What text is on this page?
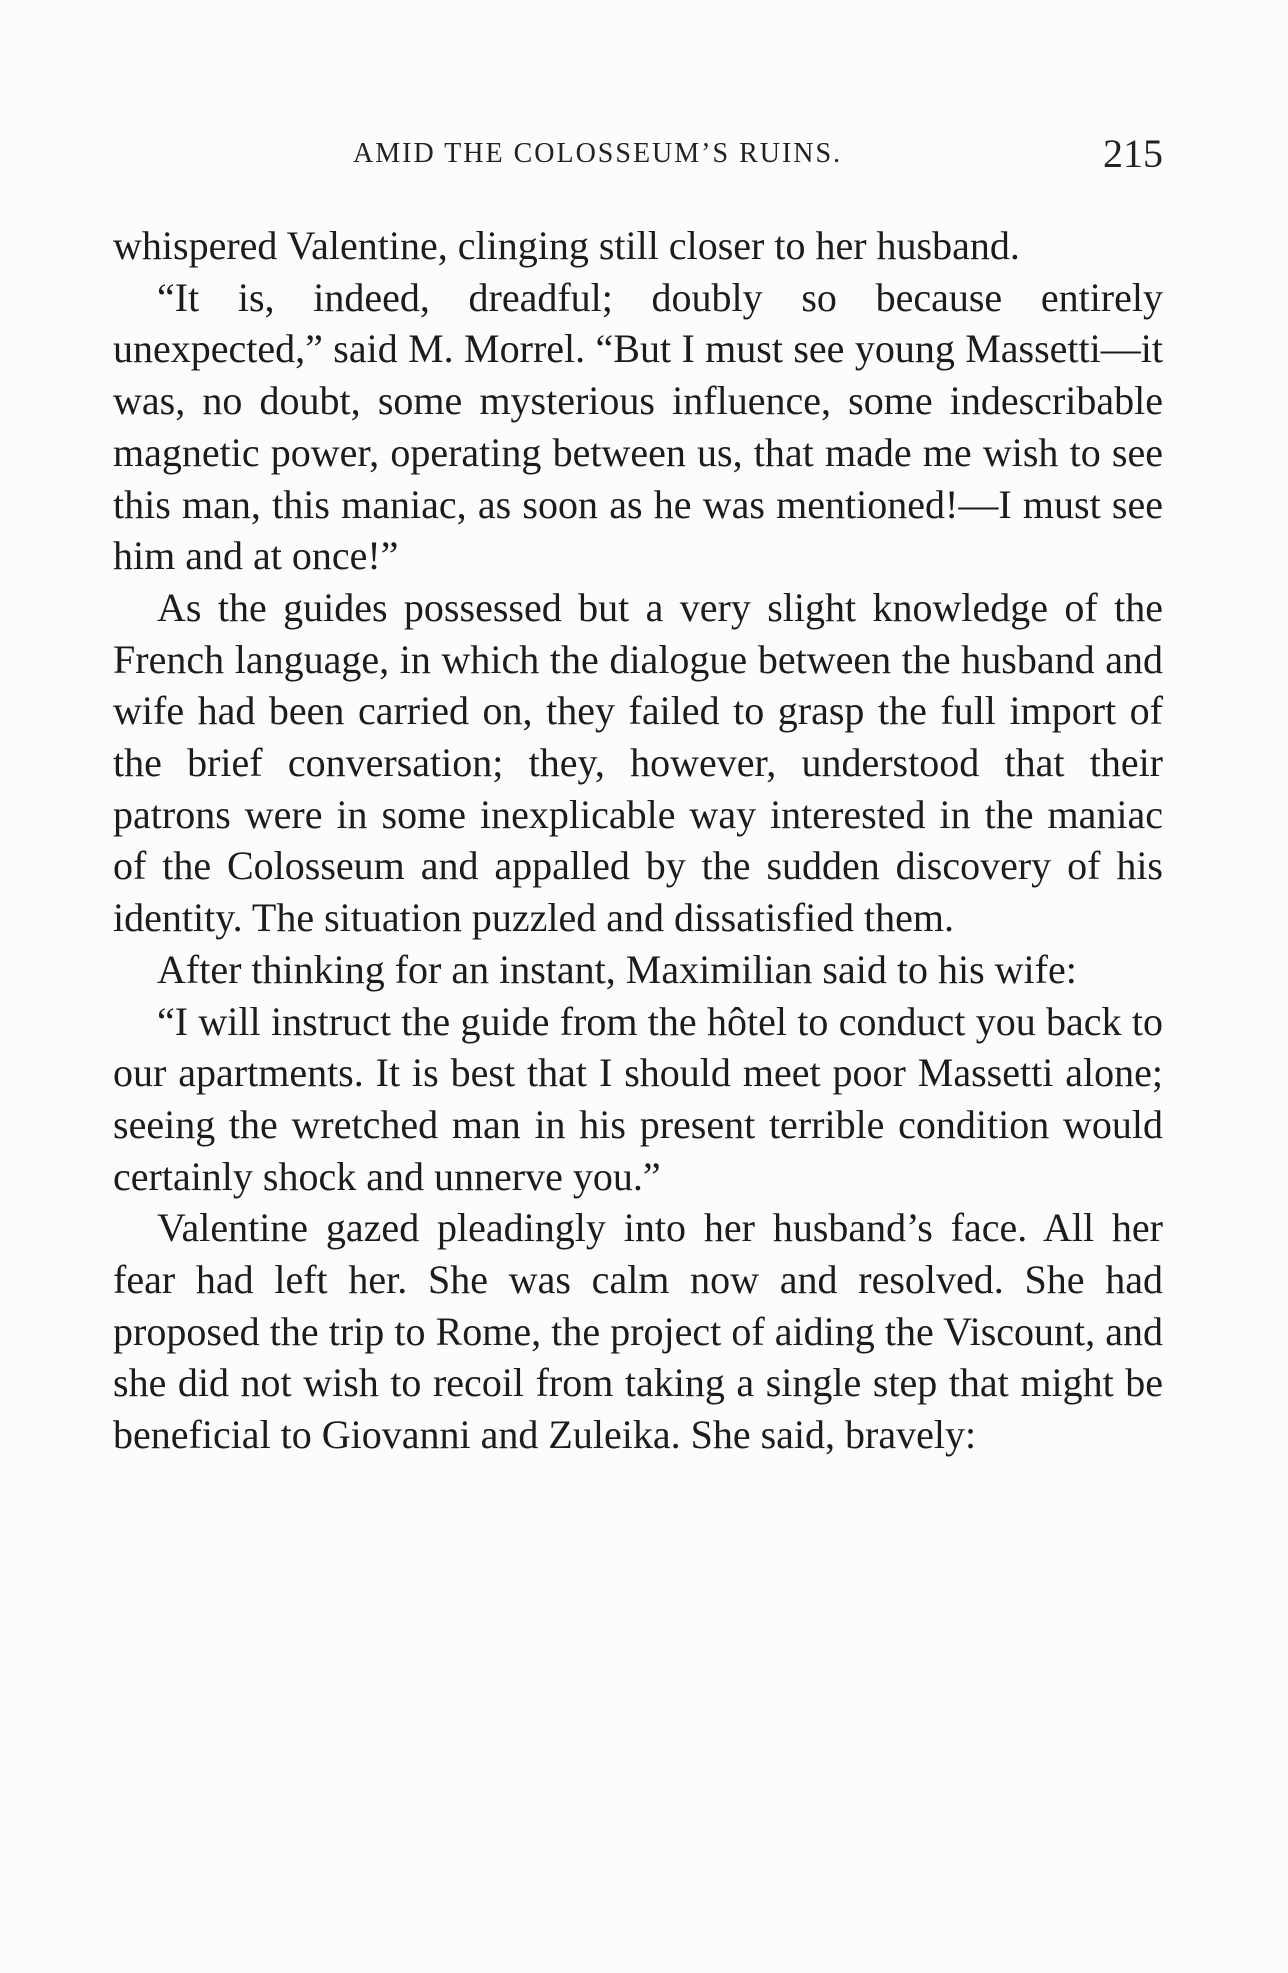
AMID THE COLOSSEUM’S RUINS.	215

whispered Valentine, clinging still closer to her husband.

“It is, indeed, dreadful; doubly so because entirely unexpected,” said M. Morrel. “But I must see young Massetti—it was, no doubt, some mysterious influence, some indescribable magnetic power, operating between us, that made me wish to see this man, this maniac, as soon as he was mentioned!—I must see him and at once!”

As the guides possessed but a very slight knowledge of the French language, in which the dialogue between the husband and wife had been carried on, they failed to grasp the full import of the brief conversation; they, however, understood that their patrons were in some inexplicable way interested in the maniac of the Colosseum and appalled by the sudden discovery of his identity. The situation puzzled and dissatisfied them.

After thinking for an instant, Maximilian said to his wife:

“I will instruct the guide from the hôtel to conduct you back to our apartments. It is best that I should meet poor Massetti alone; seeing the wretched man in his present terrible condition would certainly shock and unnerve you.”

Valentine gazed pleadingly into her husband’s face. All her fear had left her. She was calm now and resolved. She had proposed the trip to Rome, the project of aiding the Viscount, and she did not wish to recoil from taking a single step that might be beneficial to Giovanni and Zuleika. She said, bravely:
